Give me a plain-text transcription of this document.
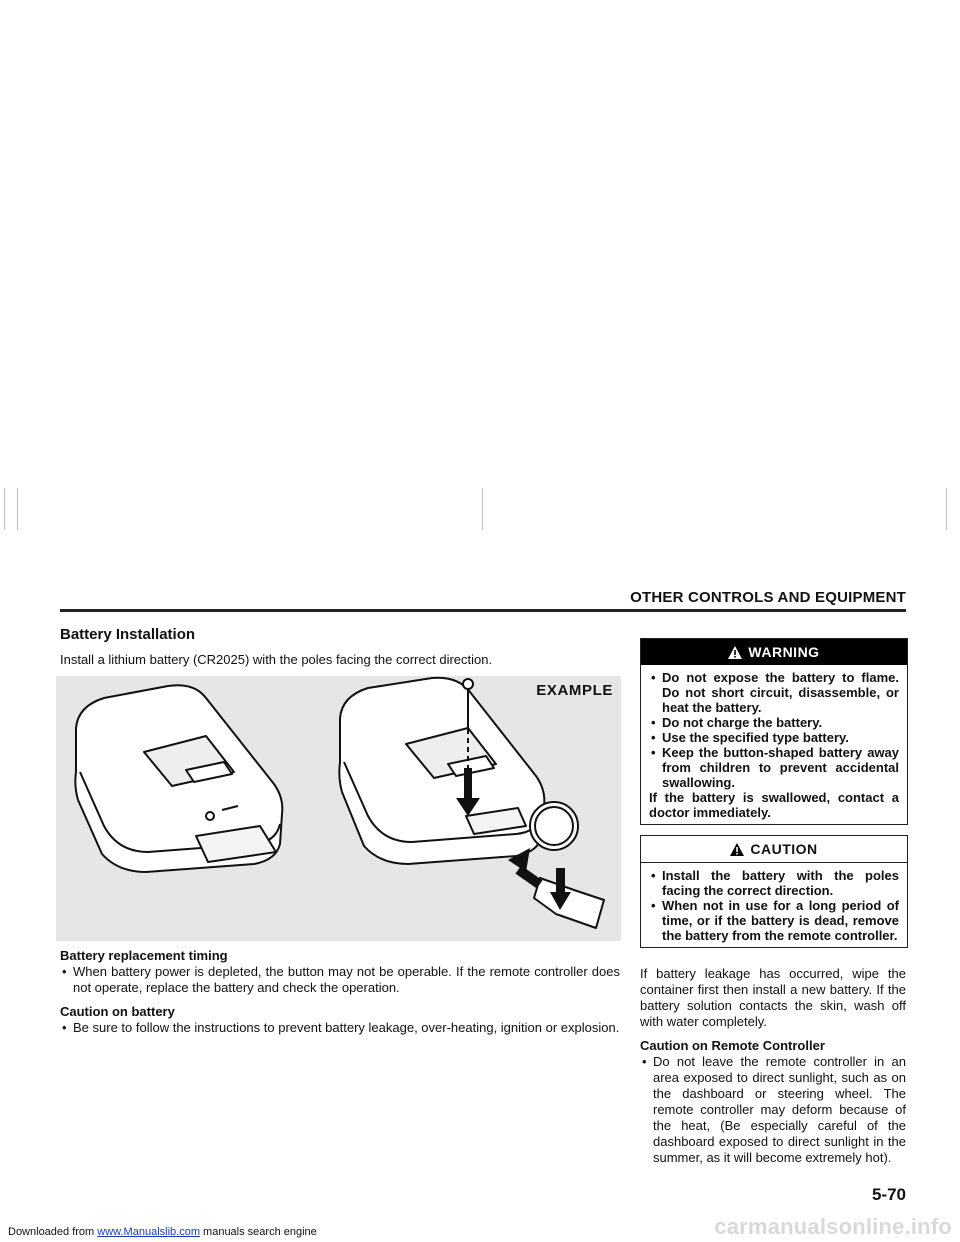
OTHER CONTROLS AND EQUIPMENT
Battery Installation
Install a lithium battery (CR2025) with the poles facing the correct direction.
EXAMPLE

Battery replacement timing

• When battery power is depleted, the button may not be operable. If the remote controller does not operate, replace the battery and check the operation.

Caution on battery

• Be sure to follow the instructions to prevent battery leakage, over-heating, ignition or explosion.
WARNING
• Do not expose the battery to flame. Do not short circuit, disassemble, or heat the battery.
• Do not charge the battery.
• Use the specified type battery.
• Keep the button-shaped battery away from children to prevent accidental swallowing.
If the battery is swallowed, contact a doctor immediately.
CAUTION
• Install the battery with the poles facing the correct direction.
• When not in use for a long period of time, or if the battery is dead, remove the battery from the remote controller.

If battery leakage has occurred, wipe the container first then install a new battery. If the battery solution contacts the skin, wash off with water completely.

Caution on Remote Controller

• Do not leave the remote controller in an area exposed to direct sunlight, such as on the dashboard or steering wheel. The remote controller may deform because of the heat, (Be especially careful of the dashboard exposed to direct sunlight in the summer, as it will become extremely hot).
5-70
carmanualsonline.info
Downloaded from www.Manualslib.com manuals search engine
